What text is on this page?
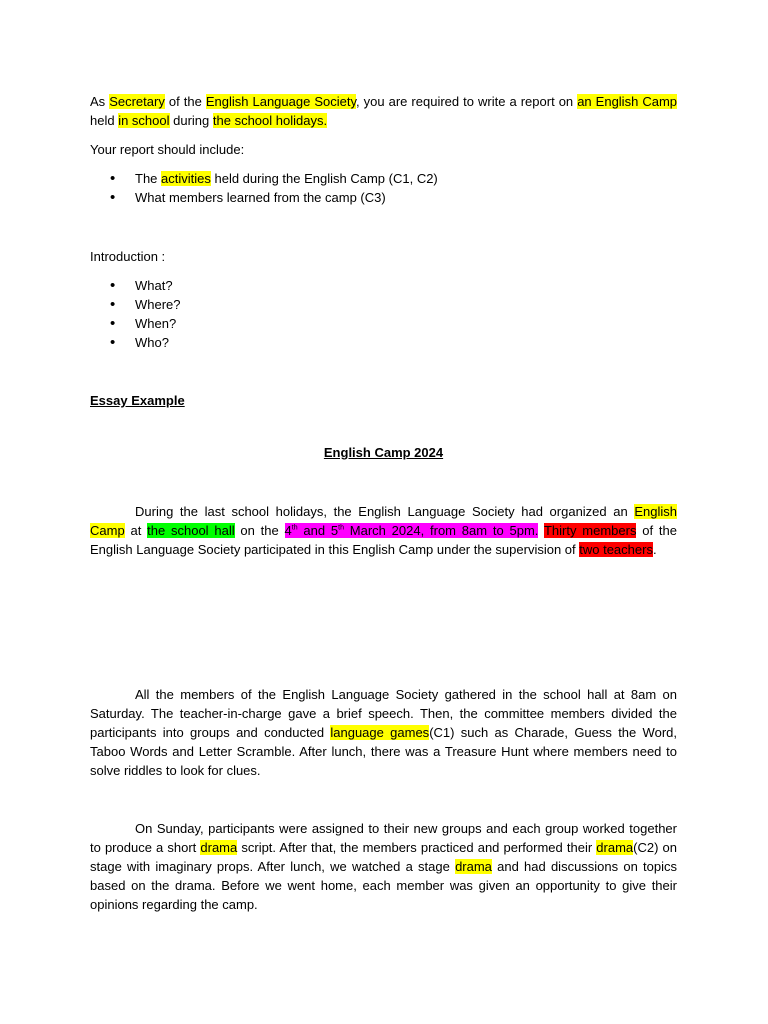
As Secretary of the English Language Society, you are required to write a report on an English Camp held in school during the school holidays.

Your report should include:

• The activities held during the English Camp (C1, C2)
• What members learned from the camp (C3)

Introduction :

• What?
• Where?
• When?
• Who?

Essay Example

English Camp 2024

During the last school holidays, the English Language Society had organized an English Camp at the school hall on the 4th and 5th March 2024, from 8am to 5pm. Thirty members of the English Language Society participated in this English Camp under the supervision of two teachers.

All the members of the English Language Society gathered in the school hall at 8am on Saturday. The teacher-in-charge gave a brief speech. Then, the committee members divided the participants into groups and conducted language games(C1) such as Charade, Guess the Word, Taboo Words and Letter Scramble. After lunch, there was a Treasure Hunt where members need to solve riddles to look for clues.

On Sunday, participants were assigned to their new groups and each group worked together to produce a short drama script. After that, the members practiced and performed their drama(C2) on stage with imaginary props. After lunch, we watched a stage drama and had discussions on topics based on the drama. Before we went home, each member was given an opportunity to give their opinions regarding the camp.
